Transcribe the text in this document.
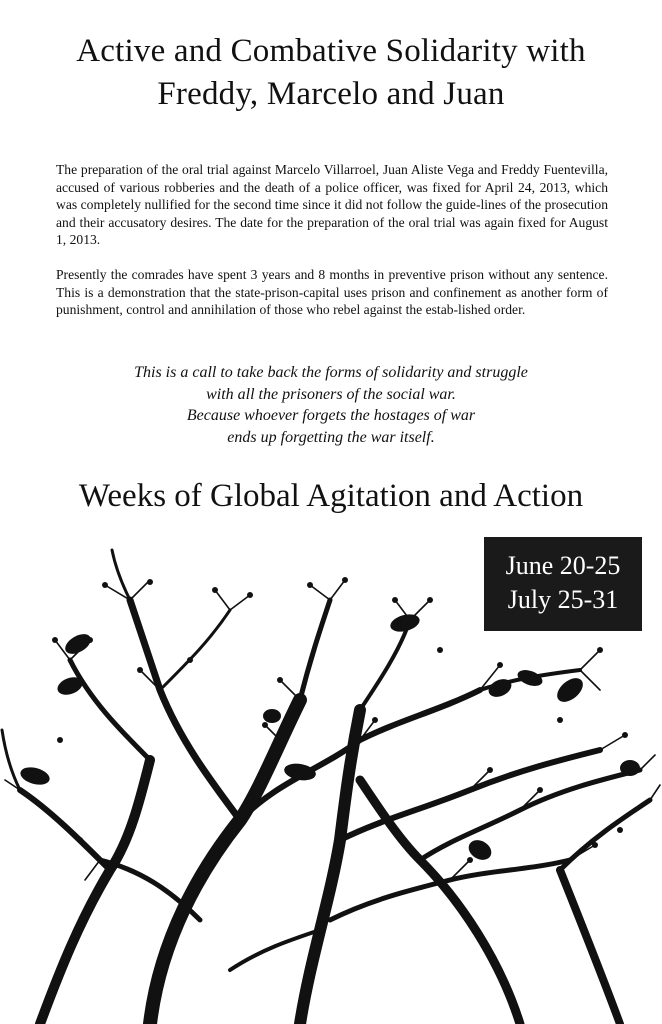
Active and Combative Solidarity with
Freddy, Marcelo and Juan

The preparation of the oral trial against Marcelo Villarroel, Juan Aliste Vega and Freddy Fuentevilla, accused of various robberies and the death of a police officer, was fixed for April 24, 2013, which was completely nullified for the second time since it did not follow the guide-lines of the prosecution and their accusatory desires. The date for the preparation of the oral trial was again fixed for August 1, 2013.

Presently the comrades have spent 3 years and 8 months in preventive prison without any sentence. This is a demonstration that the state-prison-capital uses prison and confinement as another form of punishment, control and annihilation of those who rebel against the estab-lished order.

This is a call to take back the forms of solidarity and struggle
with all the prisoners of the social war.
Because whoever forgets the hostages of war
ends up forgetting the war itself.
Weeks of Global Agitation and Action
June 20-25
July 25-31
